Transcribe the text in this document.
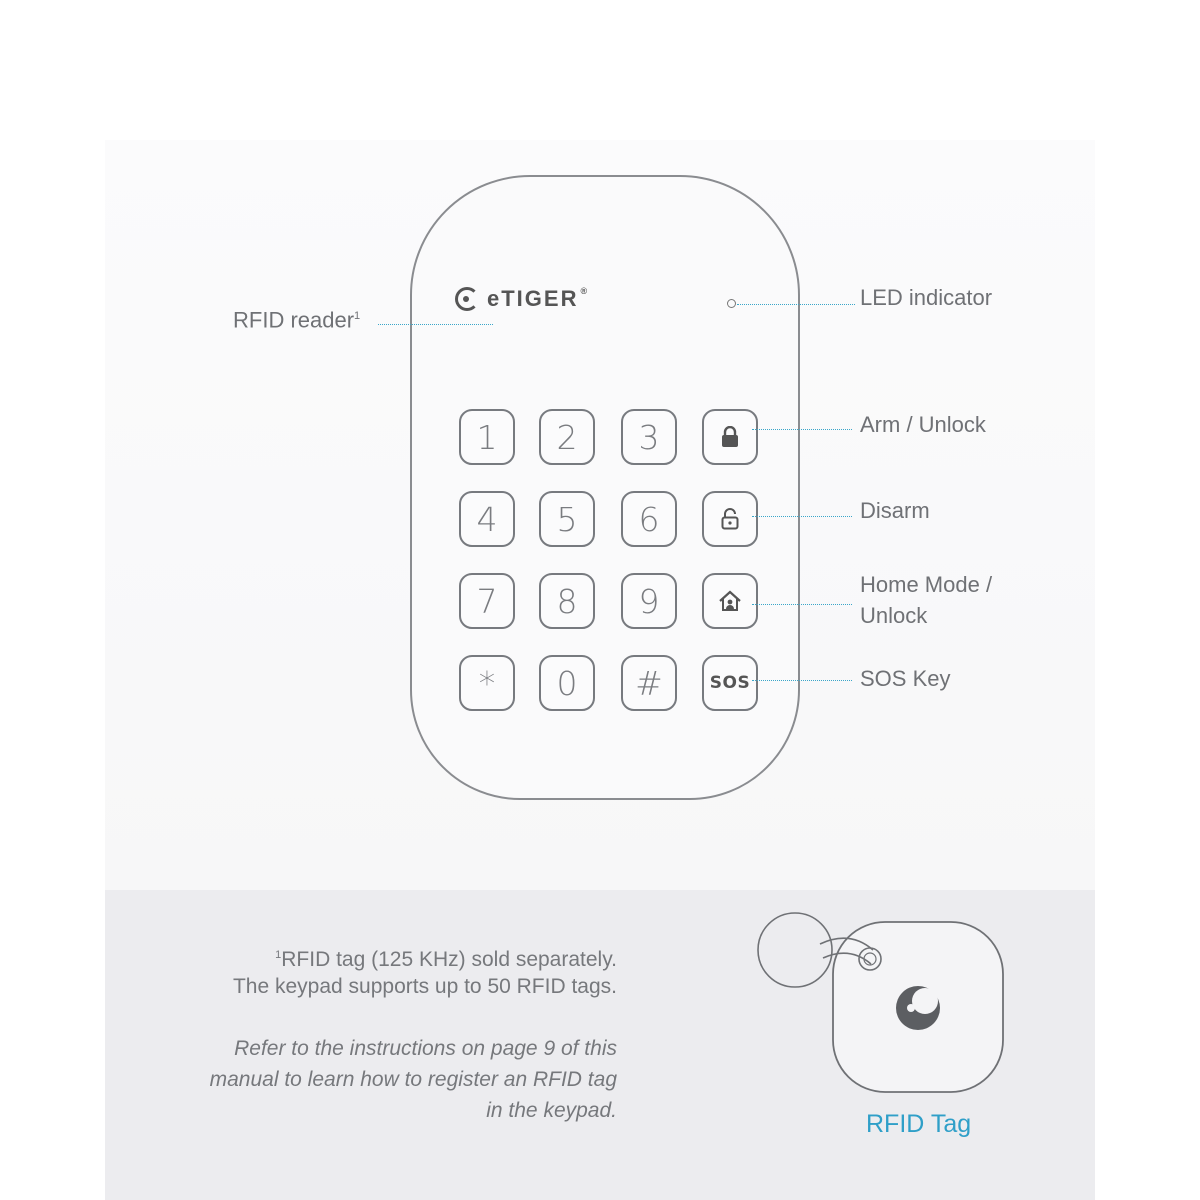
eTIGER ®
1	2	3
4	5	6
7	8	9
*	0	#	SOS
RFID reader$^1$
LED indicator
Arm / Unlock
Disarm
Home Mode /
Unlock
SOS Key
$^1$RFID tag (125 KHz) sold separately.
The keypad supports up to 50 RFID tags.
Refer to the instructions on page 9 of this
manual to learn how to register an RFID tag
in the keypad.	RFID Tag
